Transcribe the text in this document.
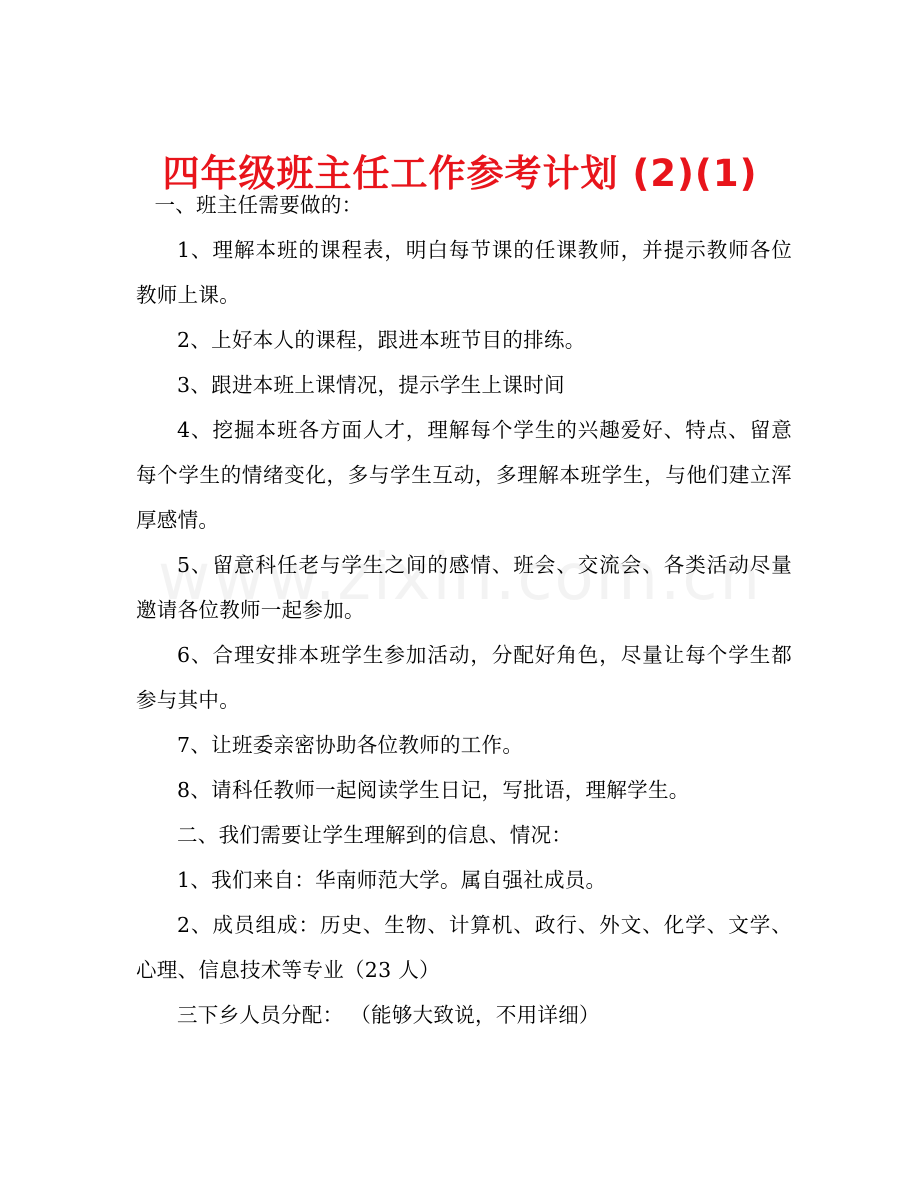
四年级班主任工作参考计划 (2)(1)

一、班主任需要做的：

1、理解本班的课程表，明白每节课的任课教师，并提示教师各位教师上课。

2、上好本人的课程，跟进本班节目的排练。

3、跟进本班上课情况，提示学生上课时间

4、挖掘本班各方面人才，理解每个学生的兴趣爱好、特点、留意每个学生的情绪变化，多与学生互动，多理解本班学生，与他们建立浑厚感情。

5、留意科任老与学生之间的感情、班会、交流会、各类活动尽量邀请各位教师一起参加。

6、合理安排本班学生参加活动，分配好角色，尽量让每个学生都参与其中。

7、让班委亲密协助各位教师的工作。

8、请科任教师一起阅读学生日记，写批语，理解学生。

二、我们需要让学生理解到的信息、情况：

1、我们来自：华南师范大学。属自强社成员。

2、成员组成：历史、生物、计算机、政行、外文、化学、文学、心理、信息技术等专业（23 人）

三下乡人员分配： （能够大致说，不用详细）
